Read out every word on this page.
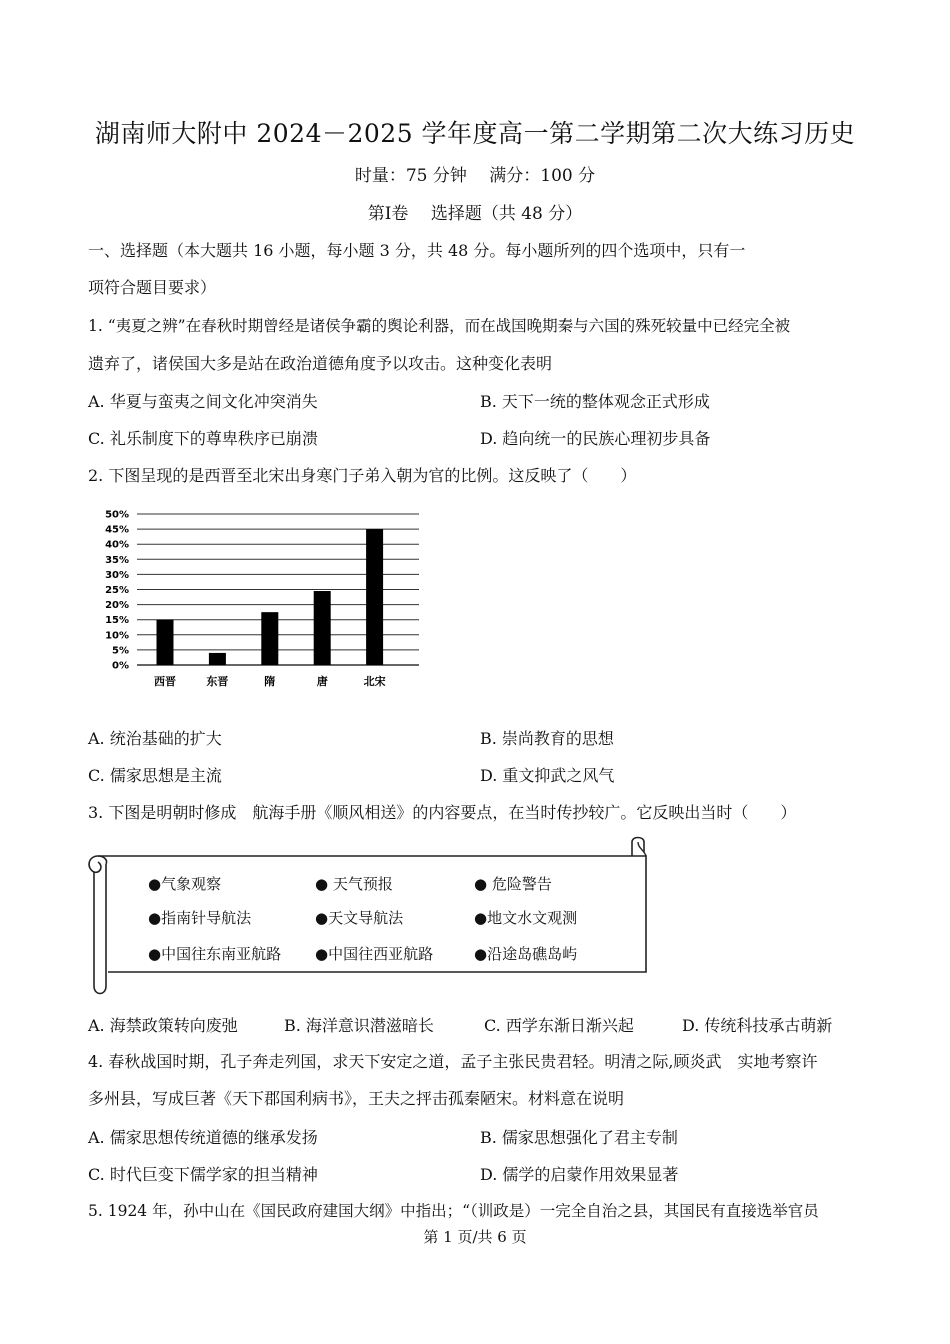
湖南师大附中 2024－2025 学年度高一第二学期第二次大练习历史
时量：75 分钟　 满分：100 分
第Ⅰ卷　 选择题（共 48 分）
一、选择题（本大题共 16 小题，每小题 3 分，共 48 分。每小题所列的四个选项中，只有一
项符合题目要求）
1. “夷夏之辨”在春秋时期曾经是诸侯争霸的舆论利器，而在战国晚期秦与六国的殊死较量中已经完全被
遗弃了，诸侯国大多是站在政治道德角度予以攻击。这种变化表明
A. 华夏与蛮夷之间文化冲突消失	B. 天下一统的整体观念正式形成
C. 礼乐制度下的尊卑秩序已崩溃	D. 趋向统一的民族心理初步具备
2. 下图呈现的是西晋至北宋出身寒门子弟入朝为官的比例。这反映了（　　）
0%
5%
10%
15%
20%
25%
30%
35%
40%
45%
50%
西晋	东晋	隋	唐	北宋
A. 统治基础的扩大	B. 崇尚教育的思想
C. 儒家思想是主流	D. 重文抑武之风气
3. 下图是明朝时修成　航海手册《顺风相送》的内容要点，在当时传抄较广。它反映出当时（　　）
●气象观察	● 天气预报	● 危险警告
●指南针导航法	●天文导航法	●地文水文观测
●中国往东南亚航路 ●中国往西亚航路	●沿途岛礁岛屿
A. 海禁政策转向废弛	B. 海洋意识潜滋暗长	C. 西学东渐日渐兴起	D. 传统科技承古萌新
4. 春秋战国时期，孔子奔走列国，求天下安定之道，孟子主张民贵君轻。明清之际,顾炎武　实地考察许
多州县，写成巨著《天下郡国利病书》，王夫之抨击孤秦陋宋。材料意在说明
A. 儒家思想传统道德的继承发扬	B. 儒家思想强化了君主专制
C. 时代巨变下儒学家的担当精神	D. 儒学的启蒙作用效果显著
5. 1924 年，孙中山在《国民政府建国大纲》中指出；“（训政是）一完全自治之县，其国民有直接选举官员
第 1 页/共 6 页
